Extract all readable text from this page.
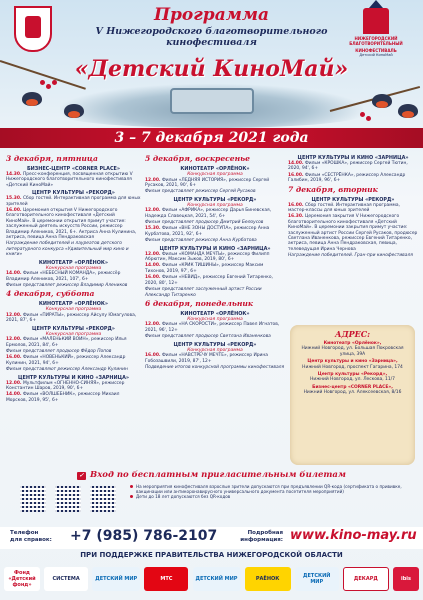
Программа
V Нижегородского благотворительного
кинофестиваля
«Детский КиноМай»
НИЖЕГОРОДСКИЙ БЛАГОТВОРИТЕЛЬНЫЙ
КИНОФЕСТИВАЛЬ
Детский КиноМай
3 – 7 декабря 2021 года
3 декабря, пятница
БИЗНЕС-ЦЕНТР «CORNER PLACE»
14.30. Пресс-конференция, посвященная открытию V Нижегородского благотворительного кинофестиваля «Детский КиноМай»
ЦЕНТР КУЛЬТУРЫ «РЕКОРД»
15.30. Сбор гостей. Интерактивная программа для юных зрителей
16.00. Церемония открытия V Нижегородского благотворительного кинофестиваля «Детский КиноМай». В церемонии открытия примут участие: заслуженный деятель искусств России, режиссер Владимир Алеников, 2021, 6+. Актриса Анна Кулинина, актриса, певица Анна Пендраковская
Награждение победителей и лауреатов детского литературного конкурса «Удивительный мир кино и книги»
КИНОТЕАТР «ОРЛЁНОК»
Конкурсная программа
14.00. Фильм «НЕБЕСНЫЙ КОМАНДА», режиссёр Владимир Алеников, 2021, 107', 6+
Фильм представляет режиссер Владимир Алеников
4 декабря, суббота
КИНОТЕАТР «ОРЛЁНОК»
Конкурсная программа
12.00. Фильм «ПИРАТЫ», режиссер Айсулу Юмагулова, 2021, 87', 6+
ЦЕНТР КУЛЬТУРЫ «РЕКОРД»
Конкурсная программа
12.00. Фильм «МАЛЕНЬКИЙ ВОИН», режиссер Илья Ермолов, 2021, 84', 6+
Фильм представляет продюсер Фёдор Попов
16.00. Фильм «НОВЕНЬКИЙ», режиссер Александр Кулинин, 2021, 94', 6+
Фильм представляют режиссер Александр Кулинин
ЦЕНТР КУЛЬТУРЫ И КИНО «ЗАРНИЦА»
12.00. Мультфильм «ОГНЕННО-СИНЯЯ», режиссер Константин Шаров, 2019, 90', 6+
14.00. Фильм «ВОЛШЕБНИК», режиссер Михаил Морсков, 2019, 95', 6+
5 декабря, воскресенье
КИНОТЕАТР «ОРЛЁНОК»
Конкурсная программа
12.00. Фильм «ЛЕДНЯЯ ИСТОРИЯ», режиссер Сергей Русаков, 2021, 90', 6+
Фильм представляет режиссер Сергей Русаков
ЦЕНТР КУЛЬТУРЫ «РЕКОРД»
Конкурсная программа
12.00. Фильм «АФРИКА», режиссер Дарья Биневская, Надежда Славецкая, 2021, 54', 6+
Фильм представляет продюсер Дмитрий Белоусов
15.30. Фильм «ВНЕ ЗОНЫ ДОСТУПА», режиссер Анна Курбатова, 2021, 92', 6+
Фильм представляет режиссер Анна Курбатова
ЦЕНТР КУЛЬТУРЫ И КИНО «ЗАРНИЦА»
12.00. Фильм «КОМАНДА МЕЧТЫ», режиссер Филипп Абрютин, Максим Зыков, 2019, 80', 6+
14.00. Фильм «КРИК ТИШИНЫ», режиссер Максим Тихонов, 2019, 97', 6+
16.00. Фильм «НЕВИД», режиссер Евгений Титаренко, 2020, 80', 12+
Фильм представляет заслуженный артист России Александр Титаренко
6 декабря, понедельник
КИНОТЕАТР «ОРЛЁНОК»
Конкурсная программа
12.00. Фильм «НА СКОРОСТИ», режиссер Павел Игнатов, 2021, 96', 12+
Фильм представляет продюсер Светлана Иваненкова
ЦЕНТР КУЛЬТУРЫ «РЕКОРД»
Конкурсная программа
16.00. Фильм «НАВСТРЕЧУ МЕЧТЕ», режиссер Ирина Гобозашвили, 2019, 87', 12+
Подведение итогов конкурсной программы кинофестиваля
ЦЕНТР КУЛЬТУРЫ И КИНО «ЗАРНИЦА»
14.00. Фильм «КРОШКА», режиссер Сергей Тютин, 2020, 94', 6+
16.00. Фильм «СЕСТРЁНКА», режиссер Александр Галибин, 2019, 96', 6+
7 декабря, вторник
ЦЕНТР КУЛЬТУРЫ «РЕКОРД»
16.00. Сбор гостей. Интерактивная программа, мастер-классы для юных зрителей
16.30. Церемония закрытия V Нижегородского благотворительного кинофестиваля «Детский КиноМай». В церемонии закрытия примут участие: заслуженный артист России Сергей Русаков, продюсер Светлана Иваненкова, режиссер Евгений Титаренко, актриса, певица Анна Пендраковская, певица, телеведущая Ирина Чернова
Награждение победителей. Гран-при кинофестиваля
АДРЕС:
Кинотеатр «Орлёнок»,
Нижний Новгород, ул. Большая Покровская улица, 39А
Центр культуры и кино «Зарница»,
Нижний Новгород, проспект Гагарина, 174
Центр культуры «Рекорд»,
Нижний Новгород, ул. Лескова, 11/7
Бизнес-центр «CORNER PLACE»,
Нижний Новгород, ул. Алексеевская, 8/16
✓ Вход по бесплатным пригласительным билетам
На мероприятия кинофестиваля взрослые зрители допускаются при предъявлении QR-кода (сертификата о прививке, вакцинации или антикоронавирусного универсального документа посетителя мероприятий)
Дети до 18 лет допускаются без QR-кодов
Телефон
для справок: +7 (985) 786-2107	Подробная
информация: www.kino-may.ru
ПРИ ПОДДЕРЖКЕ ПРАВИТЕЛЬСТВА НИЖЕГОРОДСКОЙ ОБЛАСТИ
Фонд «Детский фонд»
СИСТЕМА	ДЕТСКИЙ МИР	МТС	ДЕТСКИЙ МИР	РАЁНОК	ДЕТСКИЙ МИР	ДЕКАРД	ibis
